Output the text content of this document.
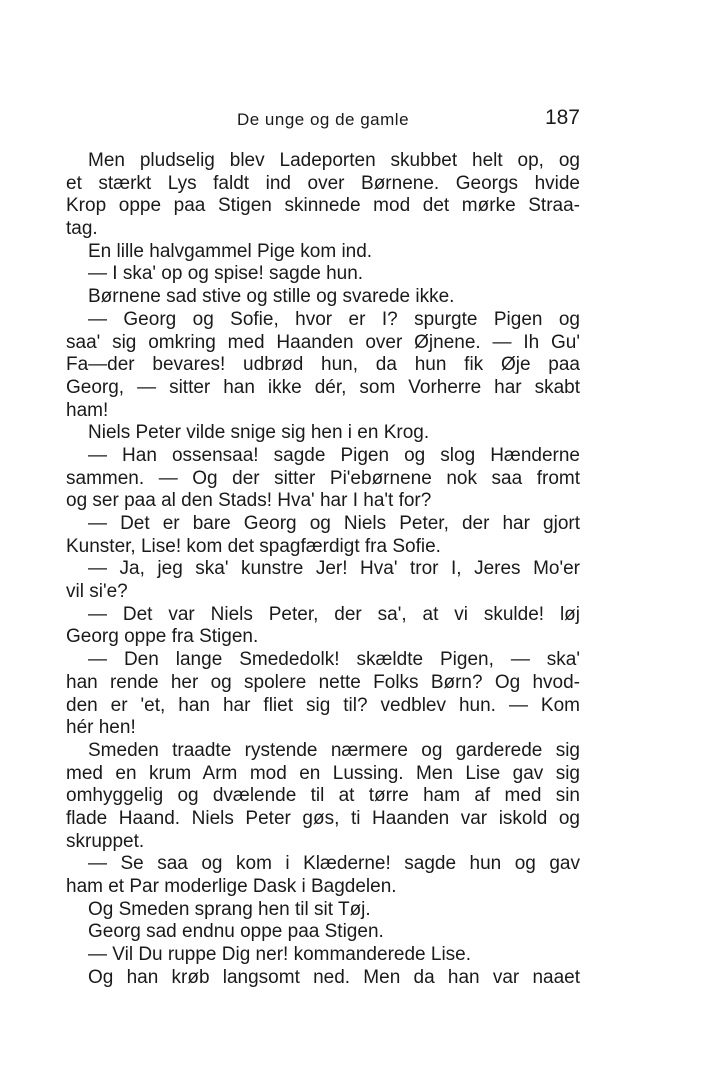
De unge og de gamle	187
Men pludselig blev Ladeporten skubbet helt op, og
et stærkt Lys faldt ind over Børnene. Georgs hvide
Krop oppe paa Stigen skinnede mod det mørke Straa-
tag.
En lille halvgammel Pige kom ind.
— I ska' op og spise! sagde hun.
Børnene sad stive og stille og svarede ikke.
— Georg og Sofie, hvor er I? spurgte Pigen og
saa' sig omkring med Haanden over Øjnene. — Ih Gu'
Fa—der bevares! udbrød hun, da hun fik Øje paa
Georg, — sitter han ikke dér, som Vorherre har skabt
ham!
Niels Peter vilde snige sig hen i en Krog.
— Han ossensaa! sagde Pigen og slog Hænderne
sammen. — Og der sitter Pi'ebørnene nok saa fromt
og ser paa al den Stads! Hva' har I ha't for?
— Det er bare Georg og Niels Peter, der har gjort
Kunster, Lise! kom det spagfærdigt fra Sofie.
— Ja, jeg ska' kunstre Jer! Hva' tror I, Jeres Mo'er
vil si'e?
— Det var Niels Peter, der sa', at vi skulde! løj
Georg oppe fra Stigen.
— Den lange Smededolk! skældte Pigen, — ska'
han rende her og spolere nette Folks Børn? Og hvod-
den er 'et, han har fliet sig til? vedblev hun. — Kom
hér hen!
Smeden traadte rystende nærmere og garderede sig
med en krum Arm mod en Lussing. Men Lise gav sig
omhyggelig og dvælende til at tørre ham af med sin
flade Haand. Niels Peter gøs, ti Haanden var iskold og
skruppet.
— Se saa og kom i Klæderne! sagde hun og gav
ham et Par moderlige Dask i Bagdelen.
Og Smeden sprang hen til sit Tøj.
Georg sad endnu oppe paa Stigen.
— Vil Du ruppe Dig ner! kommanderede Lise.
Og han krøb langsomt ned. Men da han var naaet
